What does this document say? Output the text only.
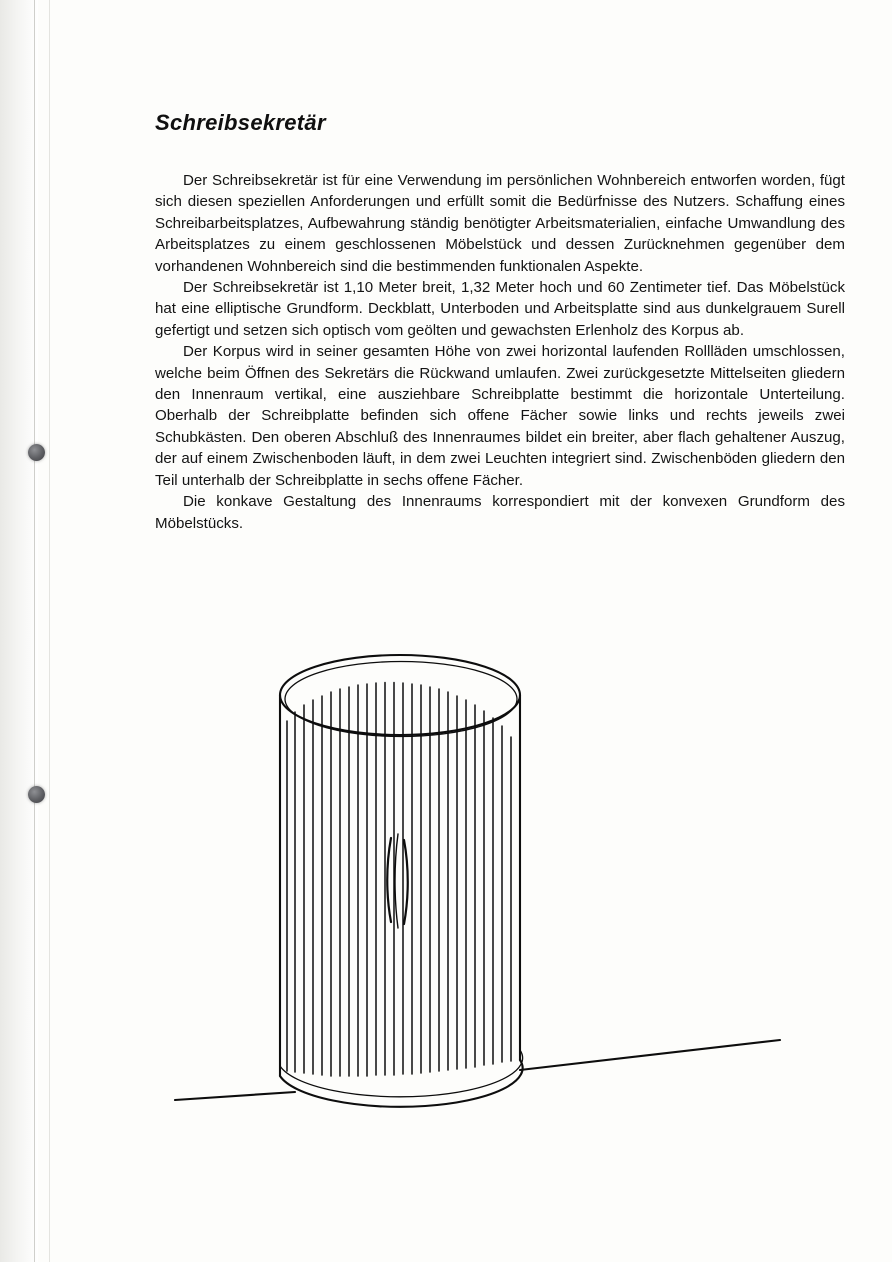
Schreibsekretär

Der Schreibsekretär ist für eine Verwendung im persönlichen Wohnbereich entworfen worden, fügt sich diesen speziellen Anforderungen und erfüllt somit die Bedürfnisse des Nutzers. Schaffung eines Schreibarbeitsplatzes, Aufbewahrung ständig benötigter Arbeitsmaterialien, einfache Umwandlung des Arbeitsplatzes zu einem geschlossenen Möbelstück und dessen Zurücknehmen gegenüber dem vorhandenen Wohnbereich sind die bestimmenden funktionalen Aspekte.

Der Schreibsekretär ist 1,10 Meter breit, 1,32 Meter hoch und 60 Zentimeter tief. Das Möbelstück hat eine elliptische Grundform. Deckblatt, Unterboden und Arbeitsplatte sind aus dunkelgrauem Surell gefertigt und setzen sich optisch vom geölten und gewachsten Erlenholz des Korpus ab.

Der Korpus wird in seiner gesamten Höhe von zwei horizontal laufenden Rollläden umschlossen, welche beim Öffnen des Sekretärs die Rückwand umlaufen. Zwei zurückgesetzte Mittelseiten gliedern den Innenraum vertikal, eine ausziehbare Schreibplatte bestimmt die horizontale Unterteilung. Oberhalb der Schreibplatte befinden sich offene Fächer sowie links und rechts jeweils zwei Schubkästen. Den oberen Abschluß des Innenraumes bildet ein breiter, aber flach gehaltener Auszug, der auf einem Zwischenboden läuft, in dem zwei Leuchten integriert sind. Zwischenböden gliedern den Teil unterhalb der Schreibplatte in sechs offene Fächer.

Die konkave Gestaltung des Innenraums korrespondiert mit der konvexen Grundform des Möbelstücks.
